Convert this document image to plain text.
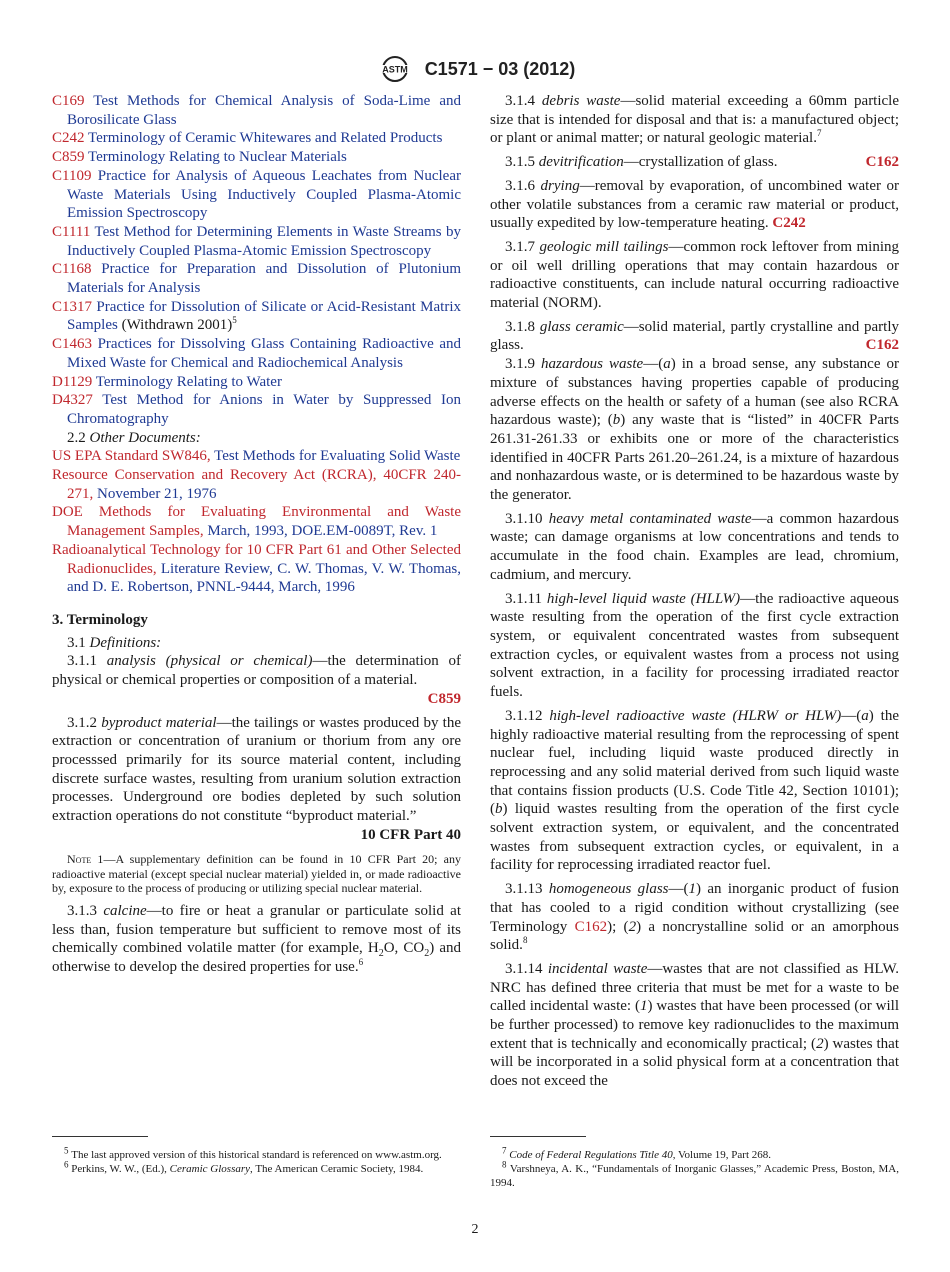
ASTM C1571 − 03 (2012)

C169 Test Methods for Chemical Analysis of Soda-Lime and Borosilicate Glass

C242 Terminology of Ceramic Whitewares and Related Products

C859 Terminology Relating to Nuclear Materials

C1109 Practice for Analysis of Aqueous Leachates from Nuclear Waste Materials Using Inductively Coupled Plasma-Atomic Emission Spectroscopy

C1111 Test Method for Determining Elements in Waste Streams by Inductively Coupled Plasma-Atomic Emission Spectroscopy

C1168 Practice for Preparation and Dissolution of Plutonium Materials for Analysis

C1317 Practice for Dissolution of Silicate or Acid-Resistant Matrix Samples (Withdrawn 2001)$^5$

C1463 Practices for Dissolving Glass Containing Radioactive and Mixed Waste for Chemical and Radiochemical Analysis

D1129 Terminology Relating to Water

D4327 Test Method for Anions in Water by Suppressed Ion Chromatography

2.2 Other Documents:

US EPA Standard SW846, Test Methods for Evaluating Solid Waste

Resource Conservation and Recovery Act (RCRA), 40CFR 240-271, November 21, 1976

DOE Methods for Evaluating Environmental and Waste Management Samples, March, 1993, DOE.EM-0089T, Rev. 1

Radioanalytical Technology for 10 CFR Part 61 and Other Selected Radionuclides, Literature Review, C. W. Thomas, V. W. Thomas, and D. E. Robertson, PNNL-9444, March, 1996

3. Terminology

3.1 Definitions:

3.1.1 analysis (physical or chemical)—the determination of physical or chemical properties or composition of a material.

C859

3.1.2 byproduct material—the tailings or wastes produced by the extraction or concentration of uranium or thorium from any ore processsed primarily for its source material content, including discrete surface wastes, resulting from uranium solution extraction processes. Underground ore bodies depleted by such solution extraction operations do not constitute “byproduct material.”
10 CFR Part 40

Note 1—A supplementary definition can be found in 10 CFR Part 20; any radioactive material (except special nuclear material) yielded in, or made radioactive by, exposure to the process of producing or utilizing special nuclear material.

3.1.3 calcine—to fire or heat a granular or particulate solid at less than, fusion temperature but sufficient to remove most of its chemically combined volatile matter (for example, $H_2O$, $CO_2$) and otherwise to develop the desired properties for use.$^6$

3.1.4 debris waste—solid material exceeding a 60mm particle size that is intended for disposal and that is: a manufactured object; or plant or animal matter; or natural geologic material.$^7$

3.1.5 devitrification—crystallization of glass.	C162

3.1.6 drying—removal by evaporation, of uncombined water or other volatile substances from a ceramic raw material or product, usually expedited by low-temperature heating. C242

3.1.7 geologic mill tailings—common rock leftover from mining or oil well drilling operations that may contain hazardous or radioactive constituents, can include natural occurring radioactive material (NORM).

3.1.8 glass ceramic—solid material, partly crystalline and partly glass.	C162

3.1.9 hazardous waste—(a) in a broad sense, any substance or mixture of substances having properties capable of producing adverse effects on the health or safety of a human (see also RCRA hazardous waste); (b) any waste that is “listed” in 40CFR Parts 261.31-261.33 or exhibits one or more of the characteristics identified in 40CFR Parts 261.20–261.24, is a mixture of hazardous and nonhazardous waste, or is determined to be hazardous waste by the generator.

3.1.10 heavy metal contaminated waste—a common hazardous waste; can damage organisms at low concentrations and tends to accumulate in the food chain. Examples are lead, chromium, cadmium, and mercury.

3.1.11 high-level liquid waste (HLLW)—the radioactive aqueous waste resulting from the operation of the first cycle extraction system, or equivalent concentrated wastes from subsequent extraction cycles, or equivalent wastes from a process not using solvent extraction, in a facility for processing irradiated reactor fuels.

3.1.12 high-level radioactive waste (HLRW or HLW)—(a) the highly radioactive material resulting from the reprocessing of spent nuclear fuel, including liquid waste produced directly in reprocessing and any solid material derived from such liquid waste that contains fission products (U.S. Code Title 42, Section 10101); (b) liquid wastes resulting from the operation of the first cycle solvent extraction system, or equivalent, and the concentrated wastes from subsequent extraction cycles, or equivalent, in a facility for reprocessing irradiated reactor fuel.

3.1.13 homogeneous glass—(1) an inorganic product of fusion that has cooled to a rigid condition without crystallizing (see Terminology C162); (2) a noncrystalline solid or an amorphous solid.$^8$

3.1.14 incidental waste—wastes that are not classified as HLW. NRC has defined three criteria that must be met for a waste to be called incidental waste: (1) wastes that have been processed (or will be further processed) to remove key radionuclides to the maximum extent that is technically and economically practical; (2) wastes that will be incorporated in a solid physical form at a concentration that does not exceed the

$^5$ The last approved version of this historical standard is referenced on www.astm.org.

$^6$ Perkins, W. W., (Ed.), Ceramic Glossary, The American Ceramic Society, 1984.

$^7$ Code of Federal Regulations Title 40, Volume 19, Part 268.

$^8$ Varshneya, A. K., “Fundamentals of Inorganic Glasses,” Academic Press, Boston, MA, 1994.

2
